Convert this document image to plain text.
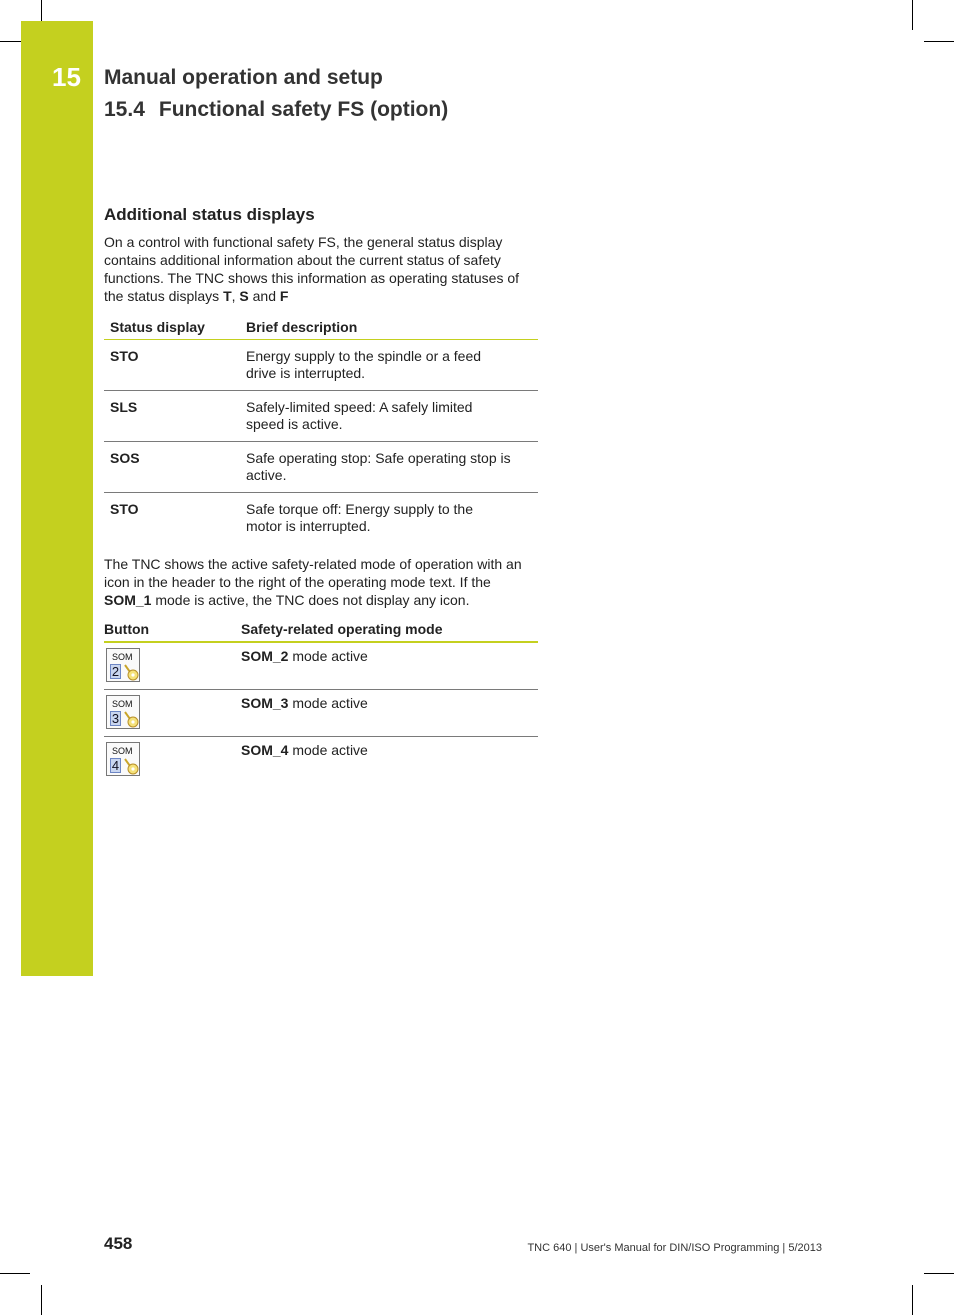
15 Manual operation and setup
15.4 Functional safety FS (option)
Additional status displays

On a control with functional safety FS, the general status display contains additional information about the current status of safety functions. The TNC shows this information as operating statuses of the status displays T, S and F

Status display	Brief description
STO	Energy supply to the spindle or a feed drive is interrupted.
SLS	Safely-limited speed: A safely limited speed is active.
SOS	Safe operating stop: Safe operating stop is active.
STO	Safe torque off: Energy supply to the motor is interrupted.

The TNC shows the active safety-related mode of operation with an icon in the header to the right of the operating mode text. If the SOM_1 mode is active, the TNC does not display any icon.

Button	Safety-related operating mode

SOM
2	SOM_2 mode active

SOM
3	SOM_3 mode active

SOM
4	SOM_4 mode active
458	TNC 640 | User's Manual for DIN/ISO Programming | 5/2013
